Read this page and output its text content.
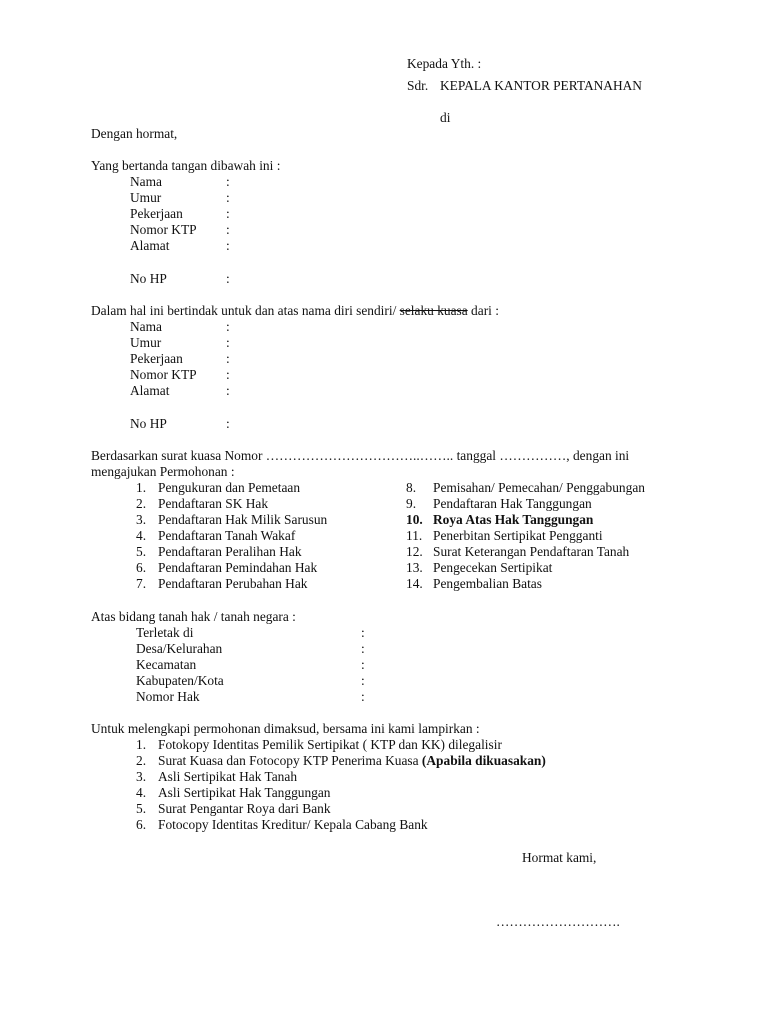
Kepada Yth. :
Sdr. KEPALA KANTOR PERTANAHAN
di
Dengan hormat,
Yang bertanda tangan dibawah ini :
Nama	:
Umur	:
Pekerjaan	:
Nomor KTP :
Alamat	:
No HP	:
Dalam hal ini bertindak untuk dan atas nama diri sendiri/ selaku kuasa dari :
Nama	:
Umur	:
Pekerjaan	:
Nomor KTP :
Alamat	:
No HP	:
Berdasarkan surat kuasa Nomor ……………………………..…….. tanggal ……………, dengan ini
mengajukan Permohonan :
1. Pengukuran dan Pemetaan
2. Pendaftaran SK Hak
3. Pendaftaran Hak Milik Sarusun
4. Pendaftaran Tanah Wakaf
5. Pendaftaran Peralihan Hak
6. Pendaftaran Pemindahan Hak
7. Pendaftaran Perubahan Hak
8. Pemisahan/ Pemecahan/ Penggabungan
9. Pendaftaran Hak Tanggungan
10. Roya Atas Hak Tanggungan
11. Penerbitan Sertipikat Pengganti
12. Surat Keterangan Pendaftaran Tanah
13. Pengecekan Sertipikat
14. Pengembalian Batas
Atas bidang tanah hak / tanah negara :
Terletak di	:
Desa/Kelurahan	:
Kecamatan	:
Kabupaten/Kota	:
Nomor Hak	:
Untuk melengkapi permohonan dimaksud, bersama ini kami lampirkan :
1. Fotokopy Identitas Pemilik Sertipikat ( KTP dan KK) dilegalisir
2. Surat Kuasa dan Fotocopy KTP Penerima Kuasa (Apabila dikuasakan)
3. Asli Sertipikat Hak Tanah
4. Asli Sertipikat Hak Tanggungan
5. Surat Pengantar Roya dari Bank
6. Fotocopy Identitas Kreditur/ Kepala Cabang Bank
Hormat kami,
……………………….
